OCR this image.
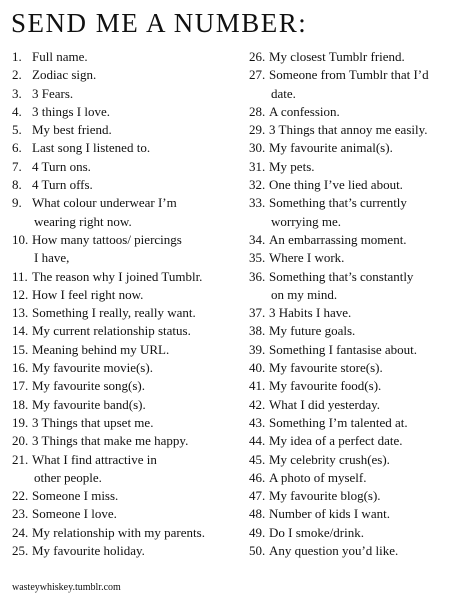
SEND ME A NUMBER:
1. Full name.
2. Zodiac sign.
3. 3 Fears.
4. 3 things I love.
5. My best friend.
6. Last song I listened to.
7. 4 Turn ons.
8. 4 Turn offs.
9. What colour underwear I’m
wearing right now.
10. How many tattoos/ piercings
I have,
11. The reason why I joined Tumblr.
12. How I feel right now.
13. Something I really, really want.
14. My current relationship status.
15. Meaning behind my URL.
16. My favourite movie(s).
17. My favourite song(s).
18. My favourite band(s).
19. 3 Things that upset me.
20. 3 Things that make me happy.
21. What I find attractive in
other people.
22. Someone I miss.
23. Someone I love.
24. My relationship with my parents.
25. My favourite holiday.
26. My closest Tumblr friend.
27. Someone from Tumblr that I’d
date.
28. A confession.
29. 3 Things that annoy me easily.
30. My favourite animal(s).
31. My pets.
32. One thing I’ve lied about.
33. Something that’s currently
worrying me.
34. An embarrassing moment.
35. Where I work.
36. Something that’s constantly
on my mind.
37. 3 Habits I have.
38. My future goals.
39. Something I fantasise about.
40. My favourite store(s).
41. My favourite food(s).
42. What I did yesterday.
43. Something I’m talented at.
44. My idea of a perfect date.
45. My celebrity crush(es).
46. A photo of myself.
47. My favourite blog(s).
48. Number of kids I want.
49. Do I smoke/drink.
50. Any question you’d like.
wasteywhiskey.tumblr.com
